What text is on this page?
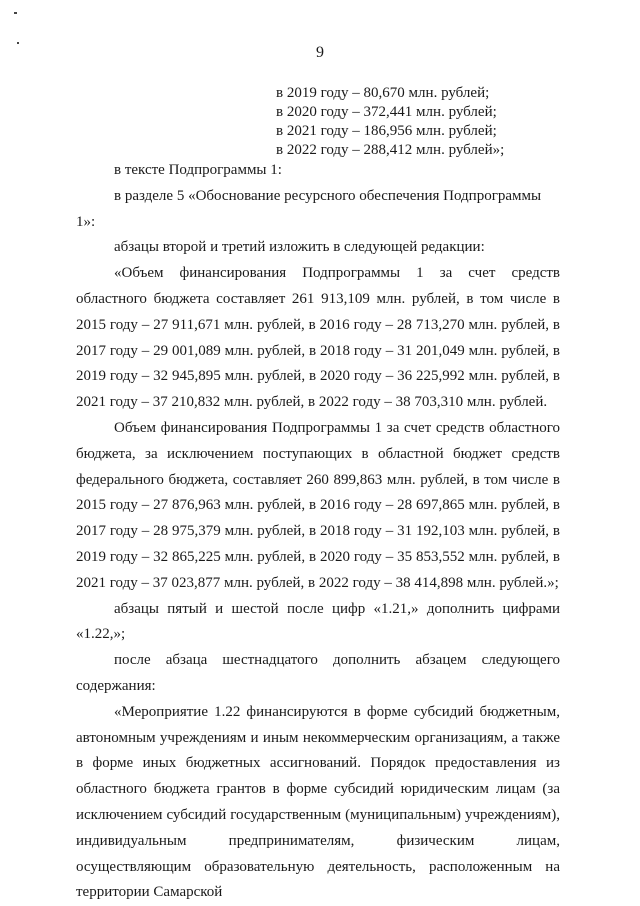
9
в 2019 году – 80,670 млн. рублей;
в 2020 году – 372,441 млн. рублей;
в 2021 году – 186,956 млн. рублей;
в 2022 году – 288,412 млн. рублей»;

в тексте Подпрограммы 1:

в разделе 5 «Обоснование ресурсного обеспечения Подпрограммы 1»:

абзацы второй и третий изложить в следующей редакции:

«Объем финансирования Подпрограммы 1 за счет средств областного бюджета составляет 261 913,109 млн. рублей, в том числе в 2015 году – 27 911,671 млн. рублей, в 2016 году – 28 713,270 млн. рублей, в 2017 году – 29 001,089 млн. рублей, в 2018 году – 31 201,049 млн. рублей, в 2019 году – 32 945,895 млн. рублей, в 2020 году – 36 225,992 млн. рублей, в 2021 году – 37 210,832 млн. рублей, в 2022 году – 38 703,310 млн. рублей.

Объем финансирования Подпрограммы 1 за счет средств областного бюджета, за исключением поступающих в областной бюджет средств федерального бюджета, составляет 260 899,863 млн. рублей, в том числе в 2015 году – 27 876,963 млн. рублей, в 2016 году – 28 697,865 млн. рублей, в 2017 году – 28 975,379 млн. рублей, в 2018 году – 31 192,103 млн. рублей, в 2019 году – 32 865,225 млн. рублей, в 2020 году – 35 853,552 млн. рублей, в 2021 году – 37 023,877 млн. рублей, в 2022 году – 38 414,898 млн. рублей.»;

абзацы пятый и шестой после цифр «1.21,» дополнить цифрами «1.22,»;

после абзаца шестнадцатого дополнить абзацем следующего содержания:

«Мероприятие 1.22 финансируются в форме субсидий бюджетным, автономным учреждениям и иным некоммерческим организациям, а также в форме иных бюджетных ассигнований. Порядок предоставления из областного бюджета грантов в форме субсидий юридическим лицам (за исключением субсидий государственным (муниципальным) учреждениям), индивидуальным предпринимателям, физическим лицам, осуществляющим образовательную деятельность, расположенным на территории Самарской
